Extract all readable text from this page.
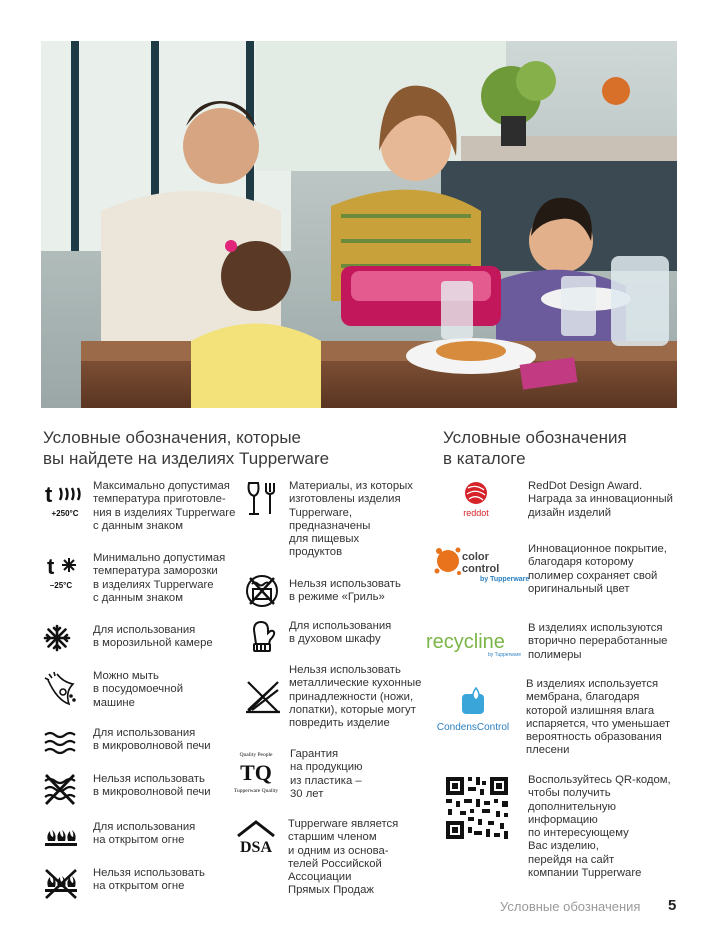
Условные обозначения, которые
вы найдете на изделиях Tupperware
Условные обозначения
в каталоге
t
+250°C
Максимально допустимая
температура приготовле-
ния в изделиях Tupperware
с данным знаком
t
–25°C
Минимально допустимая
температура заморозки
в изделиях Tupperware
с данным знаком
Для использования
в морозильной камере
Можно мыть
в посудомоечной
машине
Для использования
в микроволновой печи
Нельзя использовать
в микроволновой печи
Для использования
на открытом огне
Нельзя использовать
на открытом огне
Материалы, из которых
изготовлены изделия
Tupperware,
предназначены
для пищевых
продуктов
Нельзя использовать
в режиме «Гриль»
Для использования
в духовом шкафу
Нельзя использовать
металлические кухонные
принадлежности (ножи,
лопатки), которые могут
повредить изделие
Quality People
TQ
Tupperware Quality
Гарантия
на продукцию
из пластика –
30 лет
DSA
Tupperware является
старшим членом
и одним из основа-
телей Российской
Ассоциации
Прямых Продаж
reddot
RedDot Design Award.
Награда за инновационный
дизайн изделий
color
control
by Tupperware
Инновационное покрытие,
благодаря которому
полимер сохраняет свой
оригинальный цвет
recycline
by Tupperware
В изделиях используются
вторично переработанные
полимеры
CondensControl
В изделиях используется
мембрана, благодаря
которой излишняя влага
испаряется, что уменьшает
вероятность образования
плесени
Воспользуйтесь QR-кодом,
чтобы получить
дополнительную
информацию
по интересующему
Вас изделию,
перейдя на сайт
компании Tupperware
Условные обозначения 5
